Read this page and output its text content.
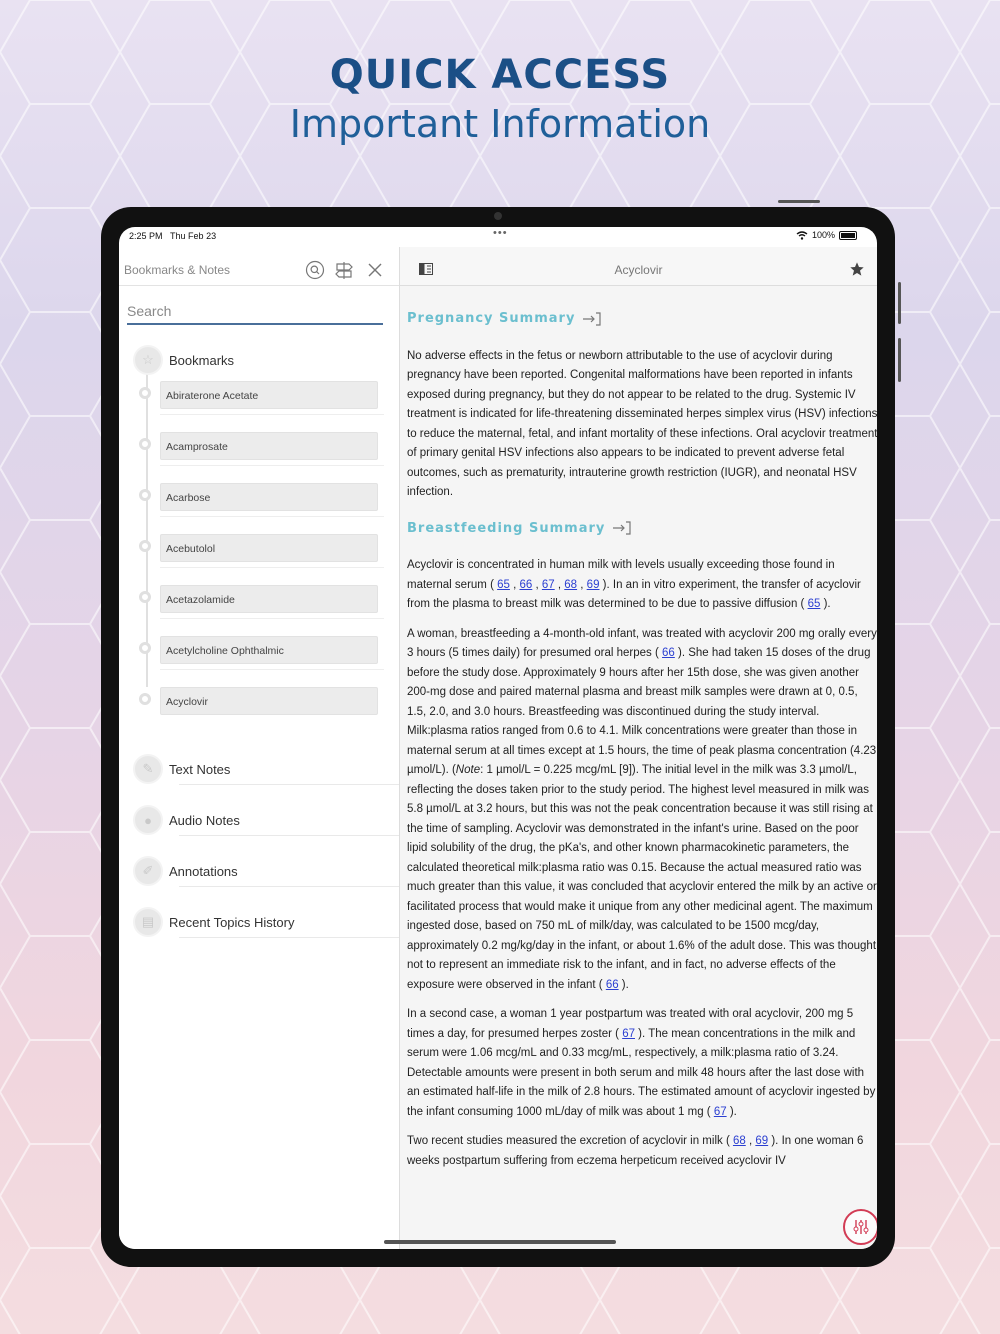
QUICK ACCESS
Important Information
2:25 PM Thu Feb 23	•••	100%
Bookmarks & Notes
Search
☆	Bookmarks
Abiraterone Acetate
Acamprosate
Acarbose
Acebutolol
Acetazolamide
Acetylcholine Ophthalmic
Acyclovir
✎	Text Notes
●	Audio Notes
✐	Annotations
▤	Recent Topics History
Acyclovir
Pregnancy Summary

No adverse effects in the fetus or newborn attributable to the use of acyclovir during pregnancy have been reported. Congenital malformations have been reported in infants exposed during pregnancy, but they do not appear to be related to the drug. Systemic IV treatment is indicated for life-threatening disseminated herpes simplex virus (HSV) infections to reduce the maternal, fetal, and infant mortality of these infections. Oral acyclovir treatment of primary genital HSV infections also appears to be indicated to prevent adverse fetal outcomes, such as prematurity, intrauterine growth restriction (IUGR), and neonatal HSV infection.

Breastfeeding Summary

Acyclovir is concentrated in human milk with levels usually exceeding those found in maternal serum ( 65 , 66 , 67 , 68 , 69 ). In an in vitro experiment, the transfer of acyclovir from the plasma to breast milk was determined to be due to passive diffusion ( 65 ).

A woman, breastfeeding a 4-month-old infant, was treated with acyclovir 200 mg orally every 3 hours (5 times daily) for presumed oral herpes ( 66 ). She had taken 15 doses of the drug before the study dose. Approximately 9 hours after her 15th dose, she was given another 200-mg dose and paired maternal plasma and breast milk samples were drawn at 0, 0.5, 1.5, 2.0, and 3.0 hours. Breastfeeding was discontinued during the study interval. Milk:plasma ratios ranged from 0.6 to 4.1. Milk concentrations were greater than those in maternal serum at all times except at 1.5 hours, the time of peak plasma concentration (4.23 µmol/L). (Note: 1 µmol/L = 0.225 mcg/mL [9]). The initial level in the milk was 3.3 µmol/L, reflecting the doses taken prior to the study period. The highest level measured in milk was 5.8 µmol/L at 3.2 hours, but this was not the peak concentration because it was still rising at the time of sampling. Acyclovir was demonstrated in the infant's urine. Based on the poor lipid solubility of the drug, the pKa's, and other known pharmacokinetic parameters, the calculated theoretical milk:plasma ratio was 0.15. Because the actual measured ratio was much greater than this value, it was concluded that acyclovir entered the milk by an active or facilitated process that would make it unique from any other medicinal agent. The maximum ingested dose, based on 750 mL of milk/day, was calculated to be 1500 mcg/day, approximately 0.2 mg/kg/day in the infant, or about 1.6% of the adult dose. This was thought not to represent an immediate risk to the infant, and in fact, no adverse effects of the exposure were observed in the infant ( 66 ).

In a second case, a woman 1 year postpartum was treated with oral acyclovir, 200 mg 5 times a day, for presumed herpes zoster ( 67 ). The mean concentrations in the milk and serum were 1.06 mcg/mL and 0.33 mcg/mL, respectively, a milk:plasma ratio of 3.24. Detectable amounts were present in both serum and milk 48 hours after the last dose with an estimated half-life in the milk of 2.8 hours. The estimated amount of acyclovir ingested by the infant consuming 1000 mL/day of milk was about 1 mg ( 67 ).

Two recent studies measured the excretion of acyclovir in milk ( 68 , 69 ). In one woman 6 weeks postpartum suffering from eczema herpeticum received acyclovir IV
